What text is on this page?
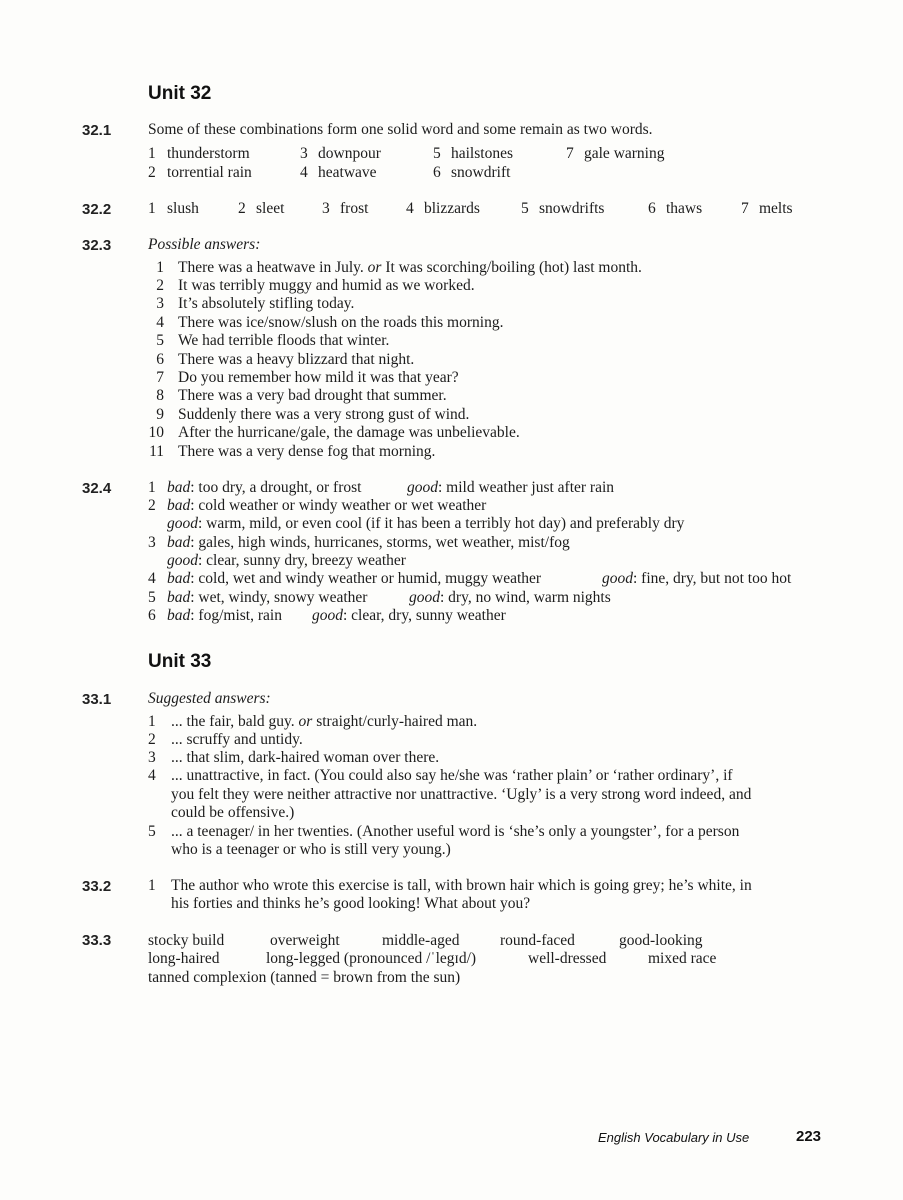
Unit 32
32.1 Some of these combinations form one solid word and some remain as two words.
1 thunderstorm	3 downpour	5 hailstones	7 gale warning
2 torrential rain	4 heatwave	6 snowdrift
32.2 1 slush	2 sleet 3 frost 4 blizzards	5 snowdrifts	6 thaws	7 melts
32.3 Possible answers:
1 There was a heatwave in July. or It was scorching/boiling (hot) last month.
2 It was terribly muggy and humid as we worked.
3 It’s absolutely stifling today.
4 There was ice/snow/slush on the roads this morning.
5 We had terrible floods that winter.
6 There was a heavy blizzard that night.
7 Do you remember how mild it was that year?
8 There was a very bad drought that summer.
9 Suddenly there was a very strong gust of wind.
10 After the hurricane/gale, the damage was unbelievable.
11 There was a very dense fog that morning.
32.4 1 bad: too dry, a drought, or frost	good: mild weather just after rain
2 bad: cold weather or windy weather or wet weather
good: warm, mild, or even cool (if it has been a terribly hot day) and preferably dry
3 bad: gales, high winds, hurricanes, storms, wet weather, mist/fog
good: clear, sunny dry, breezy weather
4 bad: cold, wet and windy weather or humid, muggy weather	good: fine, dry, but not too hot
5 bad: wet, windy, snowy weather	good: dry, no wind, warm nights
6 bad: fog/mist, rain good: clear, dry, sunny weather
Unit 33
33.1 Suggested answers:
1 ... the fair, bald guy. or straight/curly-haired man.
2 ... scruffy and untidy.
3 ... that slim, dark-haired woman over there.
4 ... unattractive, in fact. (You could also say he/she was ‘rather plain’ or ‘rather ordinary’, if
you felt they were neither attractive nor unattractive. ‘Ugly’ is a very strong word indeed, and
could be offensive.)
5 ... a teenager/ in her twenties. (Another useful word is ‘she’s only a youngster’, for a person
who is a teenager or who is still very young.)
33.2 1 The author who wrote this exercise is tall, with brown hair which is going grey; he’s white, in
his forties and thinks he’s good looking! What about you?
33.3 stocky build	overweight	middle-aged	round-faced	good-looking
long-haired	long-legged (pronounced /ˈlegɪd/)	well-dressed	mixed race
tanned complexion (tanned = brown from the sun)
English Vocabulary in Use	223
